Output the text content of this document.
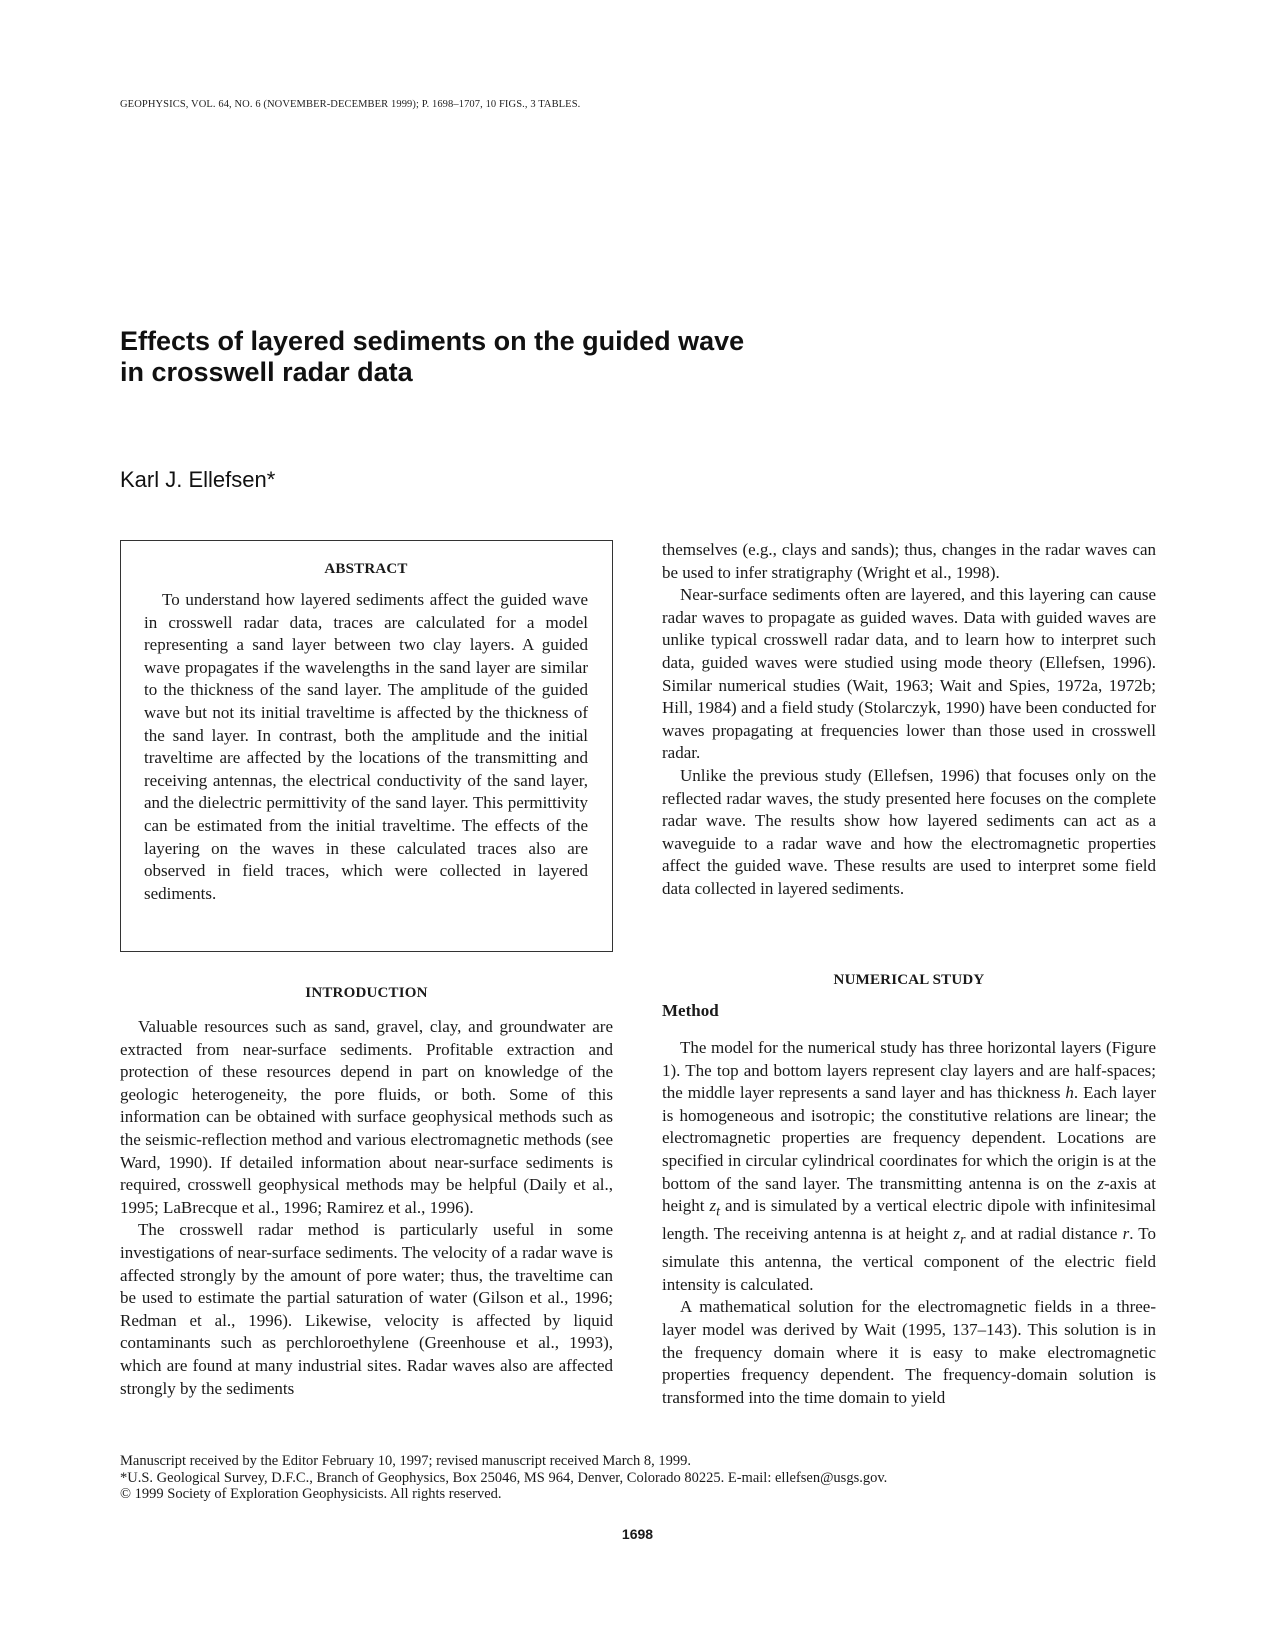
GEOPHYSICS, VOL. 64, NO. 6 (NOVEMBER-DECEMBER 1999); P. 1698–1707, 10 FIGS., 3 TABLES.
Effects of layered sediments on the guided wave
in crosswell radar data
Karl J. Ellefsen*
ABSTRACT

To understand how layered sediments affect the guided wave in crosswell radar data, traces are calculated for a model representing a sand layer between two clay layers. A guided wave propagates if the wavelengths in the sand layer are similar to the thickness of the sand layer. The amplitude of the guided wave but not its initial traveltime is affected by the thickness of the sand layer. In contrast, both the amplitude and the initial traveltime are affected by the locations of the transmitting and receiving antennas, the electrical conductivity of the sand layer, and the dielectric permittivity of the sand layer. This permittivity can be estimated from the initial traveltime. The effects of the layering on the waves in these calculated traces also are observed in field traces, which were collected in layered sediments.

INTRODUCTION

Valuable resources such as sand, gravel, clay, and groundwater are extracted from near-surface sediments. Profitable extraction and protection of these resources depend in part on knowledge of the geologic heterogeneity, the pore fluids, or both. Some of this information can be obtained with surface geophysical methods such as the seismic-reflection method and various electromagnetic methods (see Ward, 1990). If detailed information about near-surface sediments is required, crosswell geophysical methods may be helpful (Daily et al., 1995; LaBrecque et al., 1996; Ramirez et al., 1996).

The crosswell radar method is particularly useful in some investigations of near-surface sediments. The velocity of a radar wave is affected strongly by the amount of pore water; thus, the traveltime can be used to estimate the partial saturation of water (Gilson et al., 1996; Redman et al., 1996). Likewise, velocity is affected by liquid contaminants such as perchloroethylene (Greenhouse et al., 1993), which are found at many industrial sites. Radar waves also are affected strongly by the sediments

themselves (e.g., clays and sands); thus, changes in the radar waves can be used to infer stratigraphy (Wright et al., 1998).

Near-surface sediments often are layered, and this layering can cause radar waves to propagate as guided waves. Data with guided waves are unlike typical crosswell radar data, and to learn how to interpret such data, guided waves were studied using mode theory (Ellefsen, 1996). Similar numerical studies (Wait, 1963; Wait and Spies, 1972a, 1972b; Hill, 1984) and a field study (Stolarczyk, 1990) have been conducted for waves propagating at frequencies lower than those used in crosswell radar.

Unlike the previous study (Ellefsen, 1996) that focuses only on the reflected radar waves, the study presented here focuses on the complete radar wave. The results show how layered sediments can act as a waveguide to a radar wave and how the electromagnetic properties affect the guided wave. These results are used to interpret some field data collected in layered sediments.

NUMERICAL STUDY
Method

The model for the numerical study has three horizontal layers (Figure 1). The top and bottom layers represent clay layers and are half-spaces; the middle layer represents a sand layer and has thickness h. Each layer is homogeneous and isotropic; the constitutive relations are linear; the electromagnetic properties are frequency dependent. Locations are specified in circular cylindrical coordinates for which the origin is at the bottom of the sand layer. The transmitting antenna is on the z-axis at height $z_t$ and is simulated by a vertical electric dipole with infinitesimal length. The receiving antenna is at height $z_r$ and at radial distance r. To simulate this antenna, the vertical component of the electric field intensity is calculated.

A mathematical solution for the electromagnetic fields in a three-layer model was derived by Wait (1995, 137–143). This solution is in the frequency domain where it is easy to make electromagnetic properties frequency dependent. The frequency-domain solution is transformed into the time domain to yield

Manuscript received by the Editor February 10, 1997; revised manuscript received March 8, 1999.
*U.S. Geological Survey, D.F.C., Branch of Geophysics, Box 25046, MS 964, Denver, Colorado 80225. E-mail: ellefsen@usgs.gov.
© 1999 Society of Exploration Geophysicists. All rights reserved.
1698
